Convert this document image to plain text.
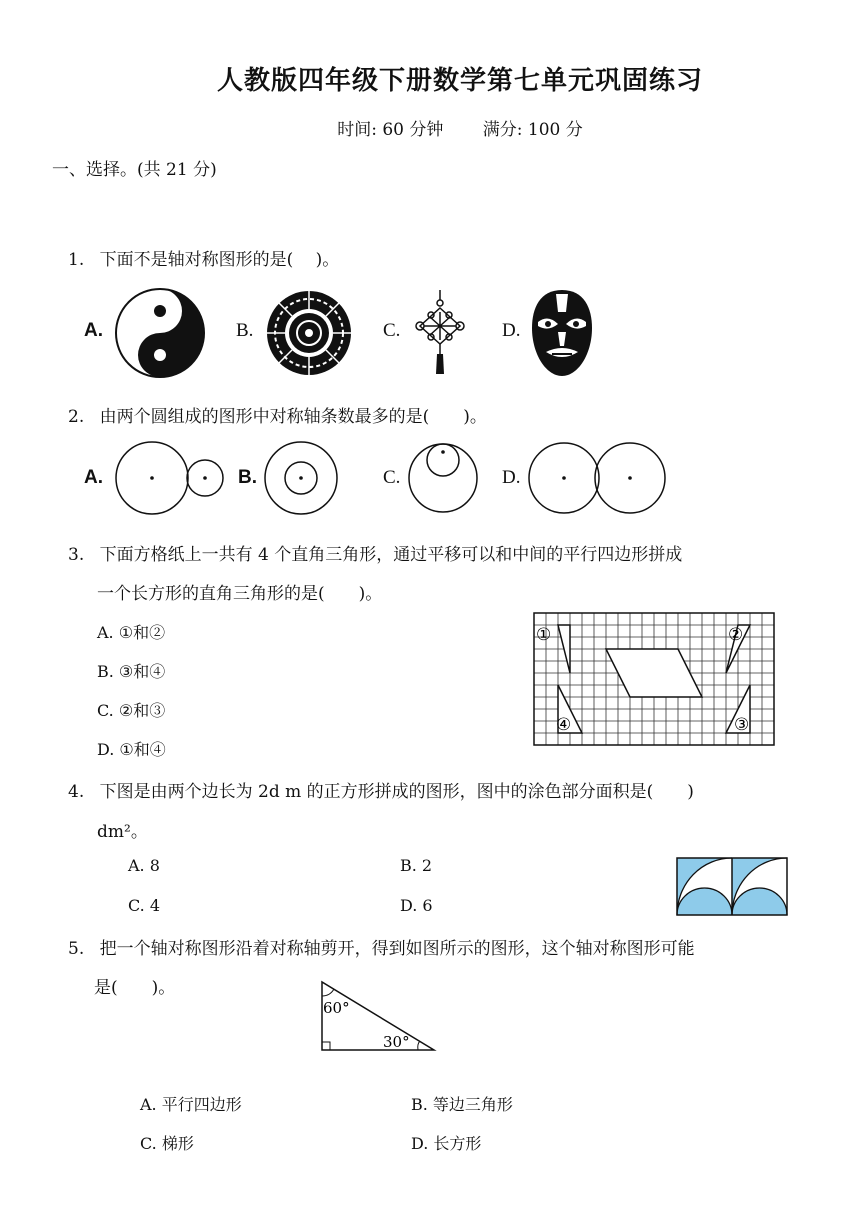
人教版四年级下册数学第七单元巩固练习
时间: 60 分钟 满分: 100 分
一、选择。(共 21 分)
1. 下面不是轴对称图形的是(　 )。
A.	B.	C.	D.
2. 由两个圆组成的图形中对称轴条数最多的是(　　)。
A.	B.	C.	D.
3. 下面方格纸上一共有 4 个直角三角形，通过平移可以和中间的平行四边形拼成
一个长方形的直角三角形的是(　　)。
A. ①和②
B. ③和④
C. ②和③
D. ①和④
①	②
③
④
4. 下图是由两个边长为 2d m 的正方形拼成的图形，图中的涂色部分面积是(　　)
dm²。
A. 8	B. 2
C. 4	D. 6
5. 把一个轴对称图形沿着对称轴剪开，得到如图所示的图形，这个轴对称图形可能
是(　　)。
60°
30°
A. 平行四边形	B. 等边三角形
C. 梯形	D. 长方形
